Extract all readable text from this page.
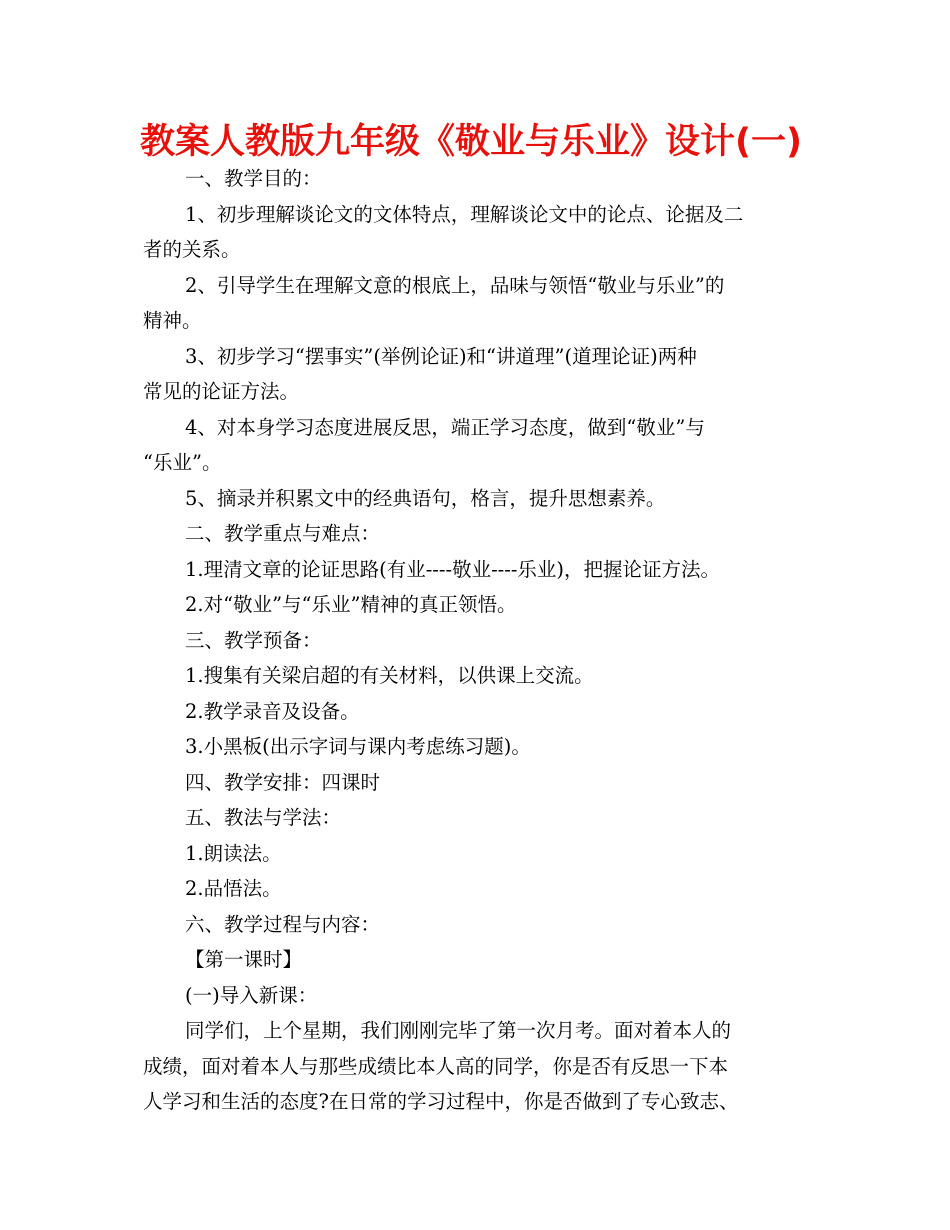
教案人教版九年级《敬业与乐业》设计(一)

一、教学目的：

1、初步理解谈论文的文体特点，理解谈论文中的论点、论据及二

者的关系。

2、引导学生在理解文意的根底上，品味与领悟“敬业与乐业”的

精神。

3、初步学习“摆事实”(举例论证)和“讲道理”(道理论证)两种

常见的论证方法。

4、对本身学习态度进展反思，端正学习态度，做到“敬业”与

“乐业”。

5、摘录并积累文中的经典语句，格言，提升思想素养。

二、教学重点与难点：

1.理清文章的论证思路(有业----敬业----乐业)，把握论证方法。

2.对“敬业”与“乐业”精神的真正领悟。

三、教学预备：

1.搜集有关梁启超的有关材料，以供课上交流。

2.教学录音及设备。

3.小黑板(出示字词与课内考虑练习题)。

四、教学安排：四课时

五、教法与学法：

1.朗读法。

2.品悟法。

六、教学过程与内容：

【第一课时】

(一)导入新课：

同学们，上个星期，我们刚刚完毕了第一次月考。面对着本人的

成绩，面对着本人与那些成绩比本人高的同学，你是否有反思一下本

人学习和生活的态度?在日常的学习过程中，你是否做到了专心致志、
